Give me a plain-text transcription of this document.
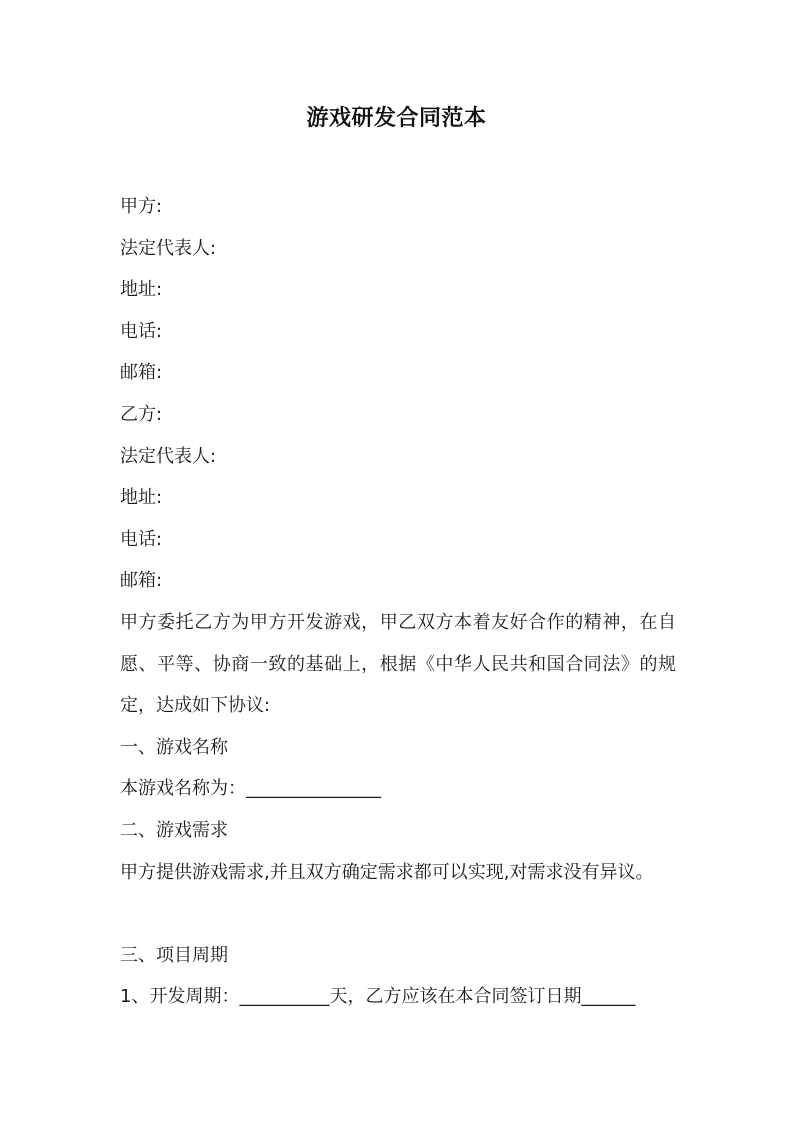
游戏研发合同范本
甲方:
法定代表人:
地址:
电话:
邮箱:
乙方:
法定代表人:
地址:
电话:
邮箱:
甲方委托乙方为甲方开发游戏，甲乙双方本着友好合作的精神，在自愿、平等、协商一致的基础上，根据《中华人民共和国合同法》的规定，达成如下协议:
一、游戏名称
本游戏名称为：_______________
二、游戏需求
甲方提供游戏需求,并且双方确定需求都可以实现,对需求没有异议。
三、项目周期
1、开发周期：__________天，乙方应该在本合同签订日期______
